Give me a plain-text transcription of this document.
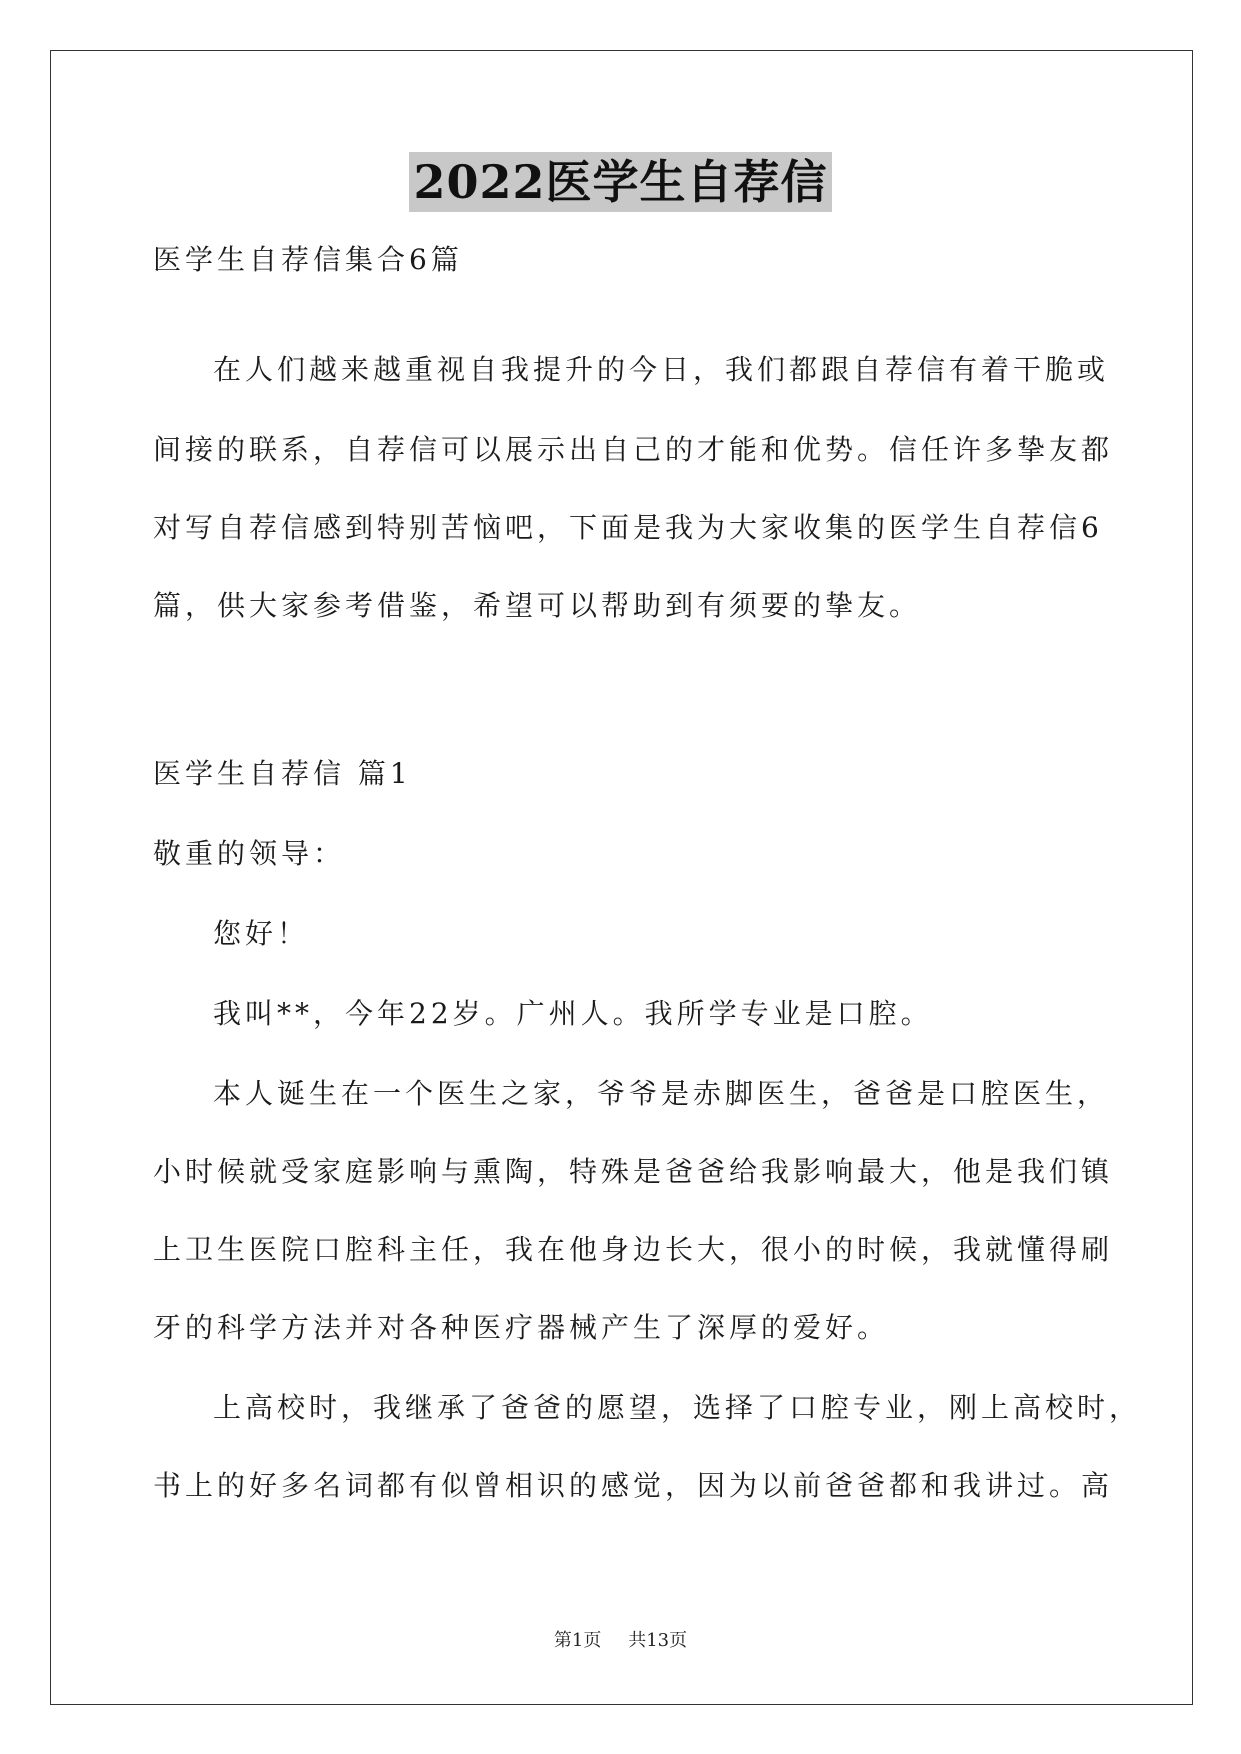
2022医学生自荐信
医学生自荐信集合6篇
在人们越来越重视自我提升的今日，我们都跟自荐信有着干脆或
间接的联系，自荐信可以展示出自己的才能和优势。信任许多挚友都
对写自荐信感到特别苦恼吧，下面是我为大家收集的医学生自荐信6
篇，供大家参考借鉴，希望可以帮助到有须要的挚友。
医学生自荐信 篇1
敬重的领导：
您好！
我叫**，今年22岁。广州人。我所学专业是口腔。
本人诞生在一个医生之家，爷爷是赤脚医生，爸爸是口腔医生，
小时候就受家庭影响与熏陶，特殊是爸爸给我影响最大，他是我们镇
上卫生医院口腔科主任，我在他身边长大，很小的时候，我就懂得刷
牙的科学方法并对各种医疗器械产生了深厚的爱好。
上高校时，我继承了爸爸的愿望，选择了口腔专业，刚上高校时，
书上的好多名词都有似曾相识的感觉，因为以前爸爸都和我讲过。高
第1页 共13页
